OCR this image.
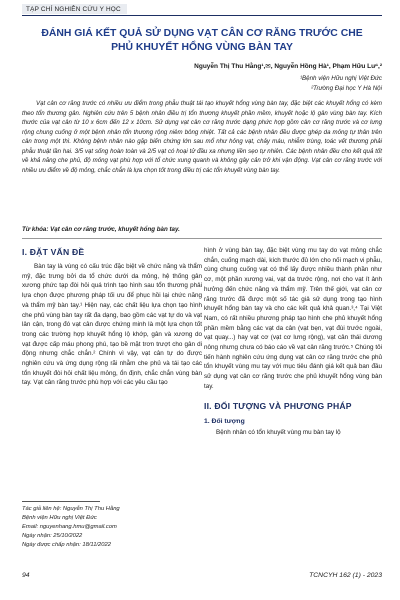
TẠP CHÍ NGHIÊN CỨU Y HỌC
ĐÁNH GIÁ KẾT QUẢ SỬ DỤNG VẠT CÂN CƠ RĂNG TRƯỚC CHE PHỦ KHUYẾT HỔNG VÙNG BÀN TAY
Nguyễn Thị Thu Hằng¹,✉, Nguyễn Hồng Hà¹, Phạm Hữu Lư¹,²
¹Bệnh viện Hữu nghị Việt Đức
²Trường Đại học Y Hà Nội
Vạt cân cơ răng trước có nhiều ưu điểm trong phẫu thuật tái tạo khuyết hổng vùng bàn tay, đặc biệt các khuyết hổng có kèm theo tổn thương gân. Nghiên cứu trên 5 bệnh nhân điều trị tổn thương khuyết phần mềm, khuyết hoặc lộ gân vùng bàn tay. Kích thước của vạt cân từ 10 x 6cm đến 12 x 10cm. Sử dụng vạt cân cơ răng trước dạng phức hợp gồm cân cơ răng trước và cơ lưng rộng chung cuống ở một bệnh nhân tổn thương rộng niêm bông nhiệt. Tất cả các bệnh nhân đều được ghép da mỏng tự thân trên cân trong một thì. Không bệnh nhân nào gặp biến chứng lớn sau mổ như hỏng vạt, chảy máu, nhiễm trùng, toác vết thương phải phẫu thuật lần hai. 3/5 vạt sống hoàn toàn và 2/5 vạt có hoại tử đầu xa nhưng liền sẹo tự nhiên. Các bệnh nhân đều cho kết quả tốt về khả năng che phủ, độ mỏng vạt phù hợp với tổ chức xung quanh và không gây cản trở khi vận động. Vạt cân cơ răng trước với nhiều ưu điểm về độ mỏng, chắc chắn là lựa chọn tốt trong điều trị các tổn khuyết vùng bàn tay.
Từ khóa: Vạt cân cơ răng trước, khuyết hổng bàn tay.
I. ĐẶT VẤN ĐỀ

Bàn tay là vùng có cấu trúc đặc biệt về chức năng và thẩm mỹ, đặc trưng bởi da tổ chức dưới da mỏng, hệ thống gân xương phức tạp đòi hỏi quá trình tạo hình sau tổn thương phải lựa chọn được phương pháp tối ưu để phục hồi lại chức năng và thẩm mỹ bàn tay.¹ Hiện nay, các chất liệu lựa chọn tạo hình che phủ vùng bàn tay rất đa dạng, bao gồm các vạt tự do và vạt lân cận, trong đó vạt cân được chứng minh là một lựa chọn tốt trong các trường hợp khuyết hổng lộ khớp, gân và xương do vạt được cấp máu phong phú, tạo bề mặt trơn trượt cho gân di động nhưng chắc chắn.² Chính vì vậy, vạt cân tự do được nghiên cứu và ứng dụng rộng rãi nhằm che phủ và tái tạo các tổn khuyết đòi hỏi chất liệu mỏng, ổn định, chắc chắn vùng bàn tay. Vạt cân răng trước phù hợp với các yêu cầu tạo

hình ở vùng bàn tay, đặc biệt vùng mu tay do vạt mỏng chắc chắn, cuống mạch dài, kích thước đủ lớn cho nối mạch vi phẫu, cùng chung cuống vạt có thể lấy được nhiều thành phần như cơ, một phần xương vai, vạt da trước rộng, nơi cho vạt ít ảnh hưởng đến chức năng và thẩm mỹ. Trên thế giới, vạt cân cơ răng trước đã được một số tác giả sử dụng trong tạo hình khuyết hổng bàn tay và cho các kết quả khả quan.³,⁴ Tại Việt Nam, có rất nhiều phương pháp tạo hình che phủ khuyết hổng phần mềm bằng các vạt da cân (vạt bẹn, vạt đùi trước ngoài, vạt quay...) hay vạt cơ (vạt cơ lưng rộng), vạt cân thái dương nông nhưng chưa có báo cáo về vạt cân răng trước.⁵ Chúng tôi tiến hành nghiên cứu ứng dụng vạt cân cơ răng trước che phủ tổn khuyết vùng mu tay với mục tiêu đánh giá kết quả ban đầu sử dụng vạt cân cơ răng trước che phủ khuyết hổng vùng bàn tay.

II. ĐỐI TƯỢNG VÀ PHƯƠNG PHÁP
1. Đối tượng

Bệnh nhân có tổn khuyết vùng mu bàn tay lộ

Tác giả liên hệ: Nguyễn Thị Thu Hằng
Bệnh viện Hữu nghị Việt Đức
Email: nguyenhang.hmu@gmail.com
Ngày nhận: 25/10/2022
Ngày được chấp nhận: 18/11/2022
94	TCNCYH 162 (1) - 2023
